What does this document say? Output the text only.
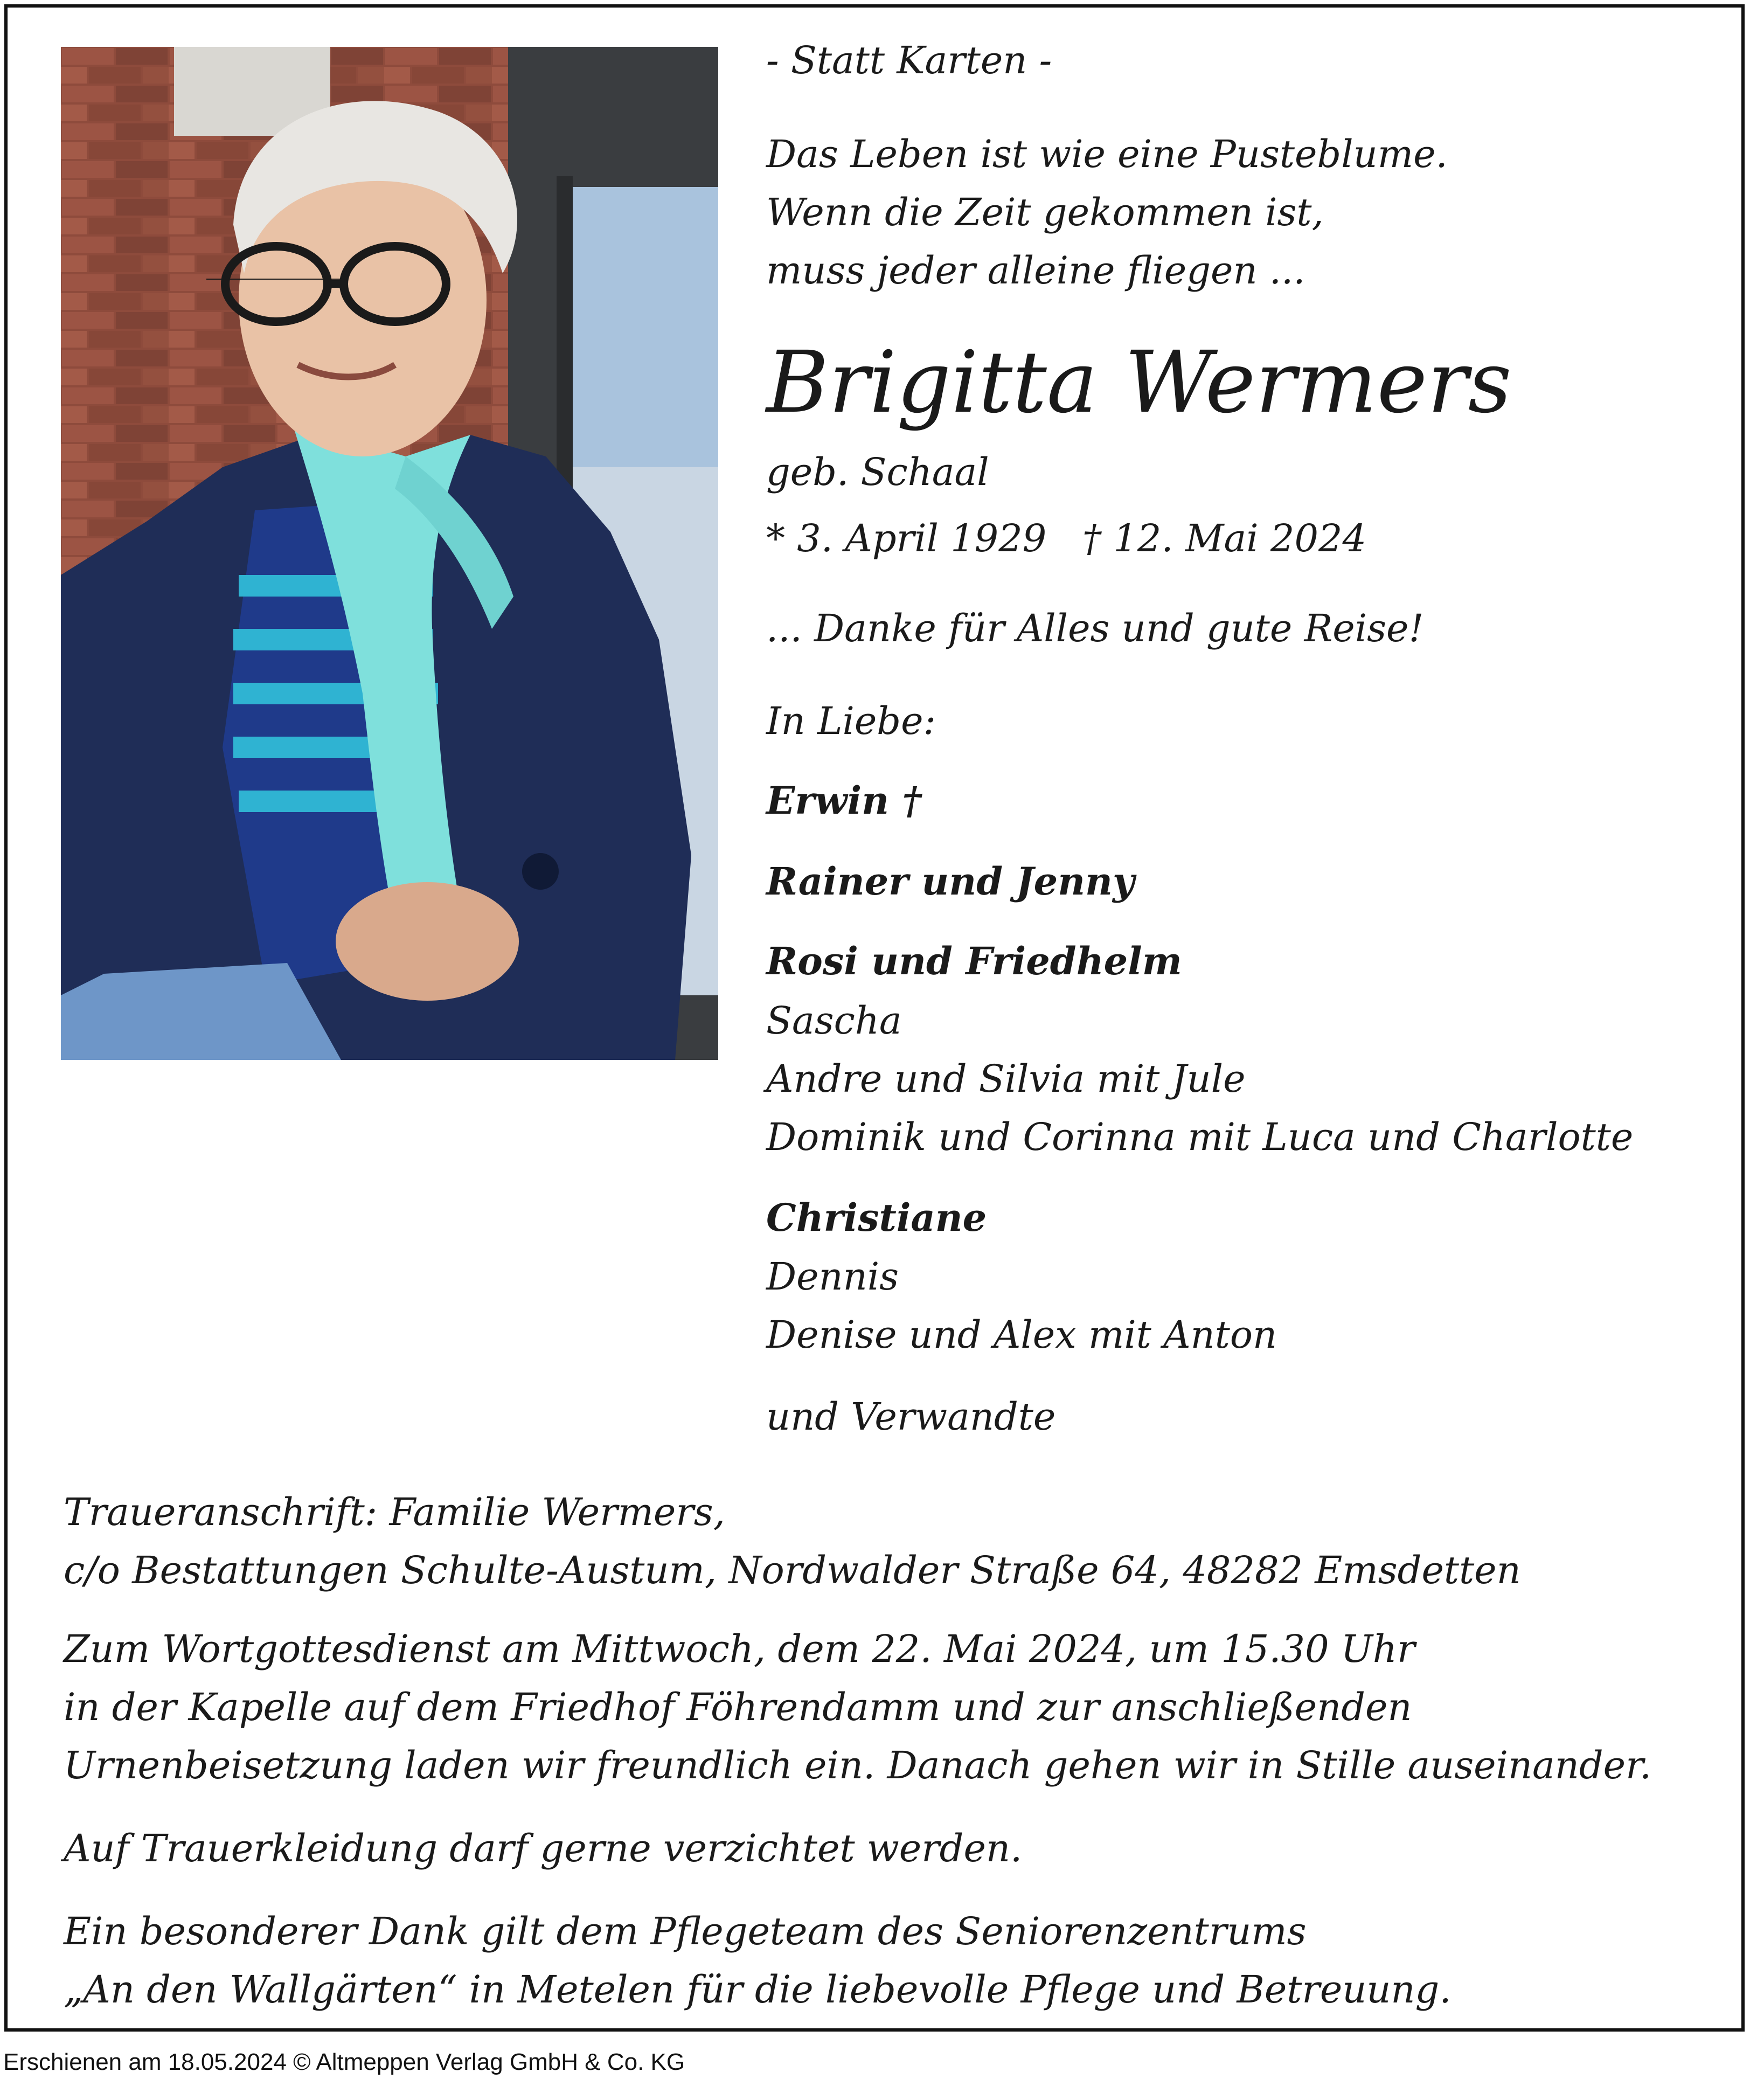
- Statt Karten -
Das Leben ist wie eine Pusteblume.
Wenn die Zeit gekommen ist,
muss jeder alleine fliegen ...
Brigitta Wermers
geb. Schaal
* 3. April 1929   † 12. Mai 2024
... Danke für Alles und gute Reise!
In Liebe:
Erwin †
Rainer und Jenny
Rosi und Friedhelm
Sascha
Andre und Silvia mit Jule
Dominik und Corinna mit Luca und Charlotte
Christiane
Dennis
Denise und Alex mit Anton
und Verwandte
Traueranschrift: Familie Wermers,
c/o Bestattungen Schulte-Austum, Nordwalder Straße 64, 48282 Emsdetten
Zum Wortgottesdienst am Mittwoch, dem 22. Mai 2024, um 15.30 Uhr
in der Kapelle auf dem Friedhof Föhrendamm und zur anschließenden
Urnenbeisetzung laden wir freundlich ein. Danach gehen wir in Stille auseinander.
Auf Trauerkleidung darf gerne verzichtet werden.
Ein besonderer Dank gilt dem Pflegeteam des Seniorenzentrums
„An den Wallgärten“ in Metelen für die liebevolle Pflege und Betreuung.
Erschienen am 18.05.2024 © Altmeppen Verlag GmbH & Co. KG
